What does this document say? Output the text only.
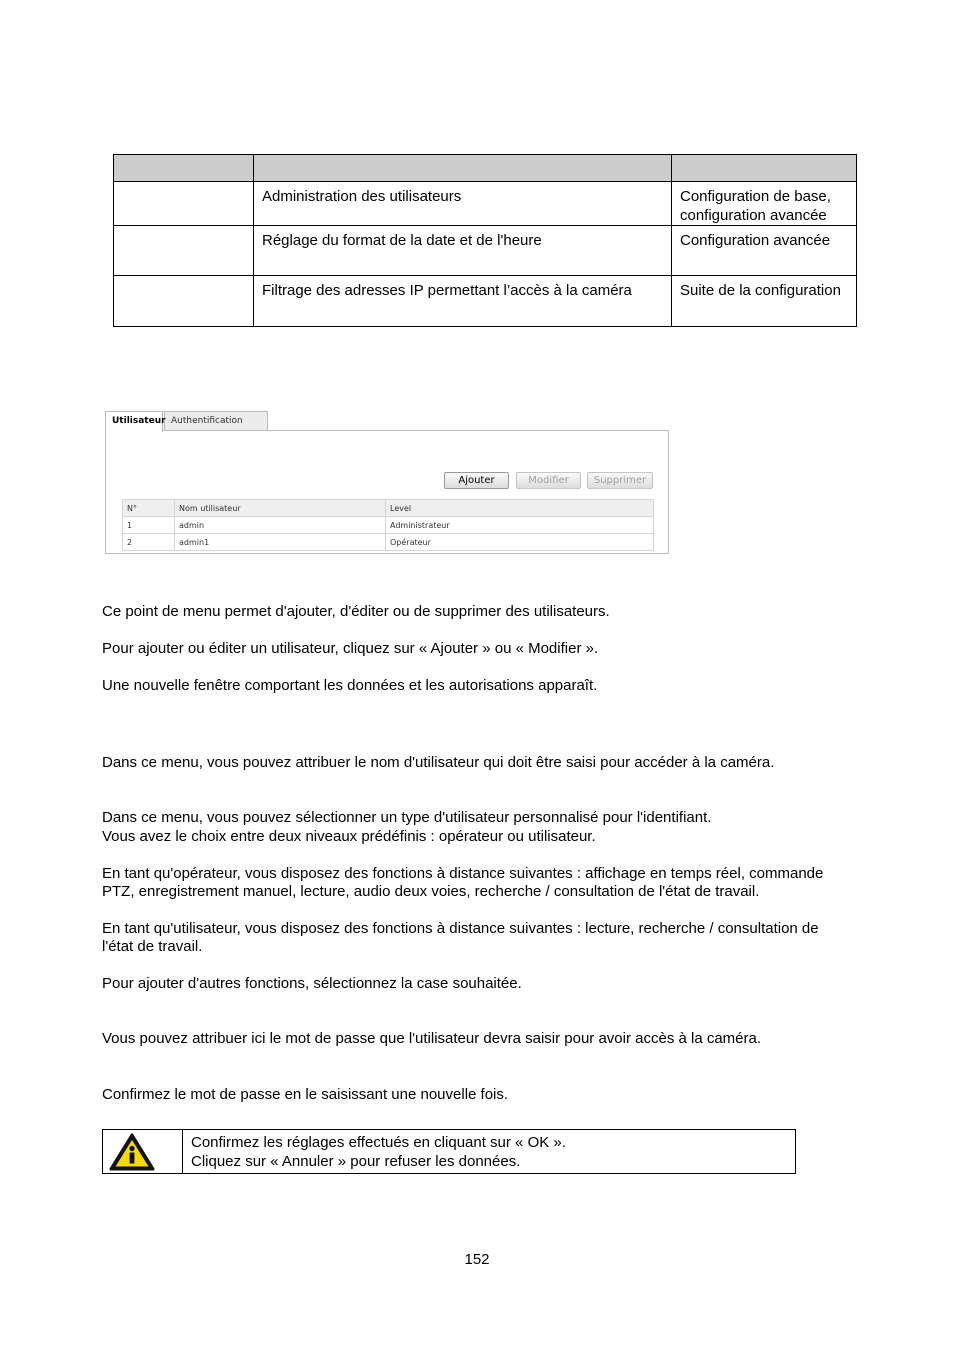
	Administration des utilisateurs	Configuration de base, configuration avancée
	Réglage du format de la date et de l'heure	Configuration avancée
	Filtrage des adresses IP permettant l’accès à la caméra	Suite de la configuration
Utilisateur Authentification
Ajouter	Modifier	Supprimer
N°	Nom utilisateur	Level
1	admin	Administrateur
2	admin1	Opérateur
Ce point de menu permet d'ajouter, d'éditer ou de supprimer des utilisateurs.
Pour ajouter ou éditer un utilisateur, cliquez sur « Ajouter » ou « Modifier ».
Une nouvelle fenêtre comportant les données et les autorisations apparaît.
Dans ce menu, vous pouvez attribuer le nom d'utilisateur qui doit être saisi pour accéder à la caméra.
Dans ce menu, vous pouvez sélectionner un type d'utilisateur personnalisé pour l'identifiant.
Vous avez le choix entre deux niveaux prédéfinis : opérateur ou utilisateur.
En tant qu'opérateur, vous disposez des fonctions à distance suivantes : affichage en temps réel, commande
PTZ, enregistrement manuel, lecture, audio deux voies, recherche / consultation de l'état de travail.
En tant qu'utilisateur, vous disposez des fonctions à distance suivantes : lecture, recherche / consultation de
l'état de travail.
Pour ajouter d'autres fonctions, sélectionnez la case souhaitée.
Vous pouvez attribuer ici le mot de passe que l'utilisateur devra saisir pour avoir accès à la caméra.
Confirmez le mot de passe en le saisissant une nouvelle fois.
Confirmez les réglages effectués en cliquant sur « OK ».
Cliquez sur « Annuler » pour refuser les données.
152
